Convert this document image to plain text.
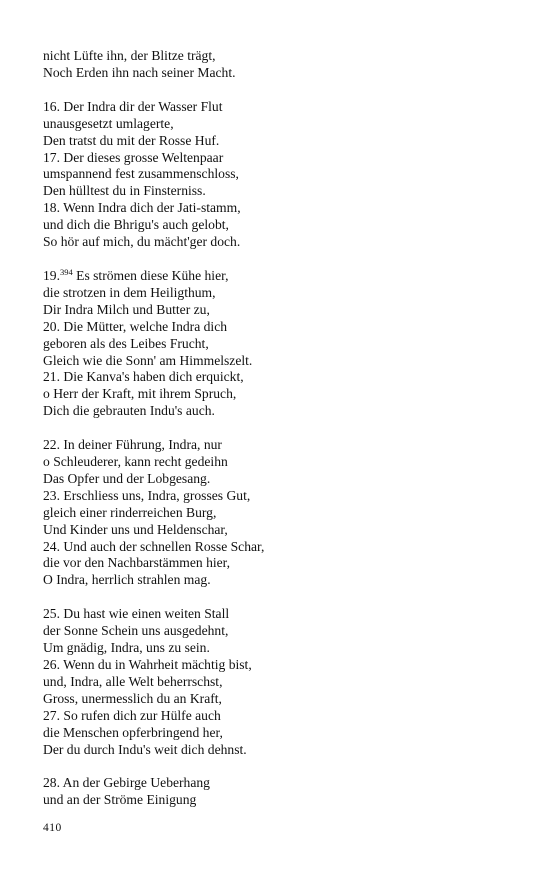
nicht Lüfte ihn, der Blitze trägt,
Noch Erden ihn nach seiner Macht.
16. Der Indra dir der Wasser Flut
unausgesetzt umlagerte,
Den tratst du mit der Rosse Huf.
17. Der dieses grosse Weltenpaar
umspannend fest zusammenschloss,
Den hülltest du in Finsterniss.
18. Wenn Indra dich der Jati-stamm,
und dich die Bhrigu's auch gelobt,
So hör auf mich, du mächt'ger doch.
19.$^{394}$ Es strömen diese Kühe hier,
die strotzen in dem Heiligthum,
Dir Indra Milch und Butter zu,
20. Die Mütter, welche Indra dich
geboren als des Leibes Frucht,
Gleich wie die Sonn' am Himmelszelt.
21. Die Kanva's haben dich erquickt,
o Herr der Kraft, mit ihrem Spruch,
Dich die gebrauten Indu's auch.
22. In deiner Führung, Indra, nur
o Schleuderer, kann recht gedeihn
Das Opfer und der Lobgesang.
23. Erschliess uns, Indra, grosses Gut,
gleich einer rinderreichen Burg,
Und Kinder uns und Heldenschar,
24. Und auch der schnellen Rosse Schar,
die vor den Nachbarstämmen hier,
O Indra, herrlich strahlen mag.
25. Du hast wie einen weiten Stall
der Sonne Schein uns ausgedehnt,
Um gnädig, Indra, uns zu sein.
26. Wenn du in Wahrheit mächtig bist,
und, Indra, alle Welt beherrschst,
Gross, unermesslich du an Kraft,
27. So rufen dich zur Hülfe auch
die Menschen opferbringend her,
Der du durch Indu's weit dich dehnst.
28. An der Gebirge Ueberhang
und an der Ströme Einigung
410
